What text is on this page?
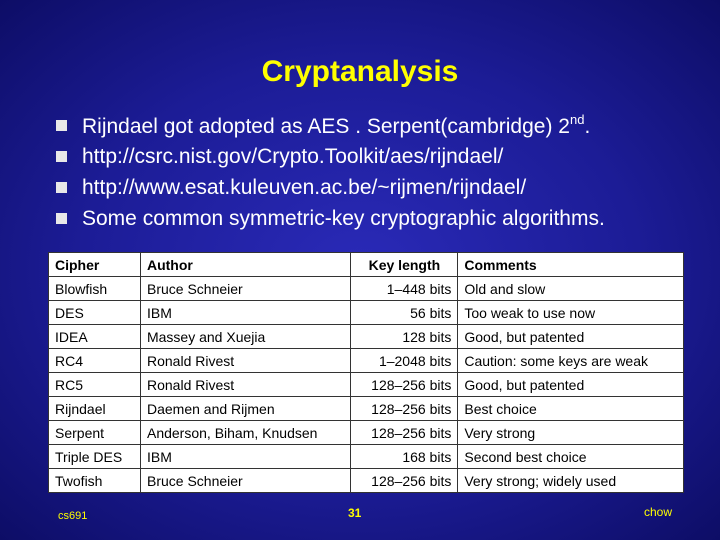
Cryptanalysis
Rijndael got adopted as AES . Serpent(cambridge) 2nd.
http://csrc.nist.gov/Crypto.Toolkit/aes/rijndael/
http://www.esat.kuleuven.ac.be/~rijmen/rijndael/
Some common symmetric-key cryptographic algorithms.
Cipher	Author	Key length	Comments
Blowfish	Bruce Schneier	1–448 bits	Old and slow
DES	IBM	56 bits	Too weak to use now
IDEA	Massey and Xuejia	128 bits	Good, but patented
RC4	Ronald Rivest	1–2048 bits	Caution: some keys are weak
RC5	Ronald Rivest	128–256 bits	Good, but patented
Rijndael	Daemen and Rijmen	128–256 bits	Best choice
Serpent	Anderson, Biham, Knudsen	128–256 bits	Very strong
Triple DES	IBM	168 bits	Second best choice
Twofish	Bruce Schneier	128–256 bits	Very strong; widely used
cs691	31	chow
